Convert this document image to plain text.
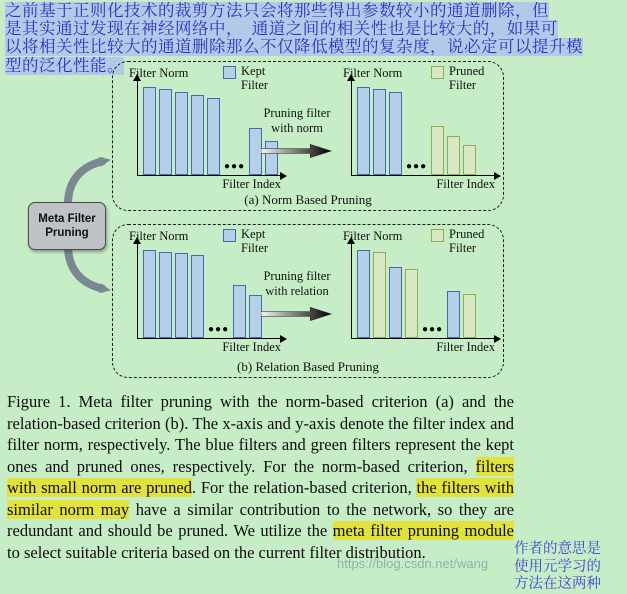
之前基于正则化技术的裁剪方法只会将那些得出参数较小的通道删除，但
是其实通过发现在神经网络中，　通道之间的相关性也是比较大的，如果可
以将相关性比较大的通道删除那么不仅降低模型的复杂度，说必定可以提升模
型的泛化性能。
Meta Filter
Pruning
Filter Norm
●●●
Filter Index
Kept
Filter
Pruning filter
with norm
Filter Norm
●●●
Filter Index
Pruned
Filter
(a) Norm Based Pruning
Filter Norm
●●●
Filter Index
Kept
Filter
Pruning filter
with relation
Filter Norm
●●●
Filter Index
Pruned
Filter
(b) Relation Based Pruning
Figure 1. Meta filter pruning with the norm-based criterion (a) and the relation-based criterion (b). The x-axis and y-axis denote the filter index and filter norm, respectively. The blue filters and green filters represent the kept ones and pruned ones, respectively. For the norm-based criterion, filters with small norm are pruned. For the relation-based criterion, the filters with similar norm may have a similar contribution to the network, so they are redundant and should be pruned. We utilize the meta filter pruning module to select suitable criteria based on the current filter distribution.
https://blog.csdn.net/wang
作者的意思是
使用元学习的
方法在这两种
